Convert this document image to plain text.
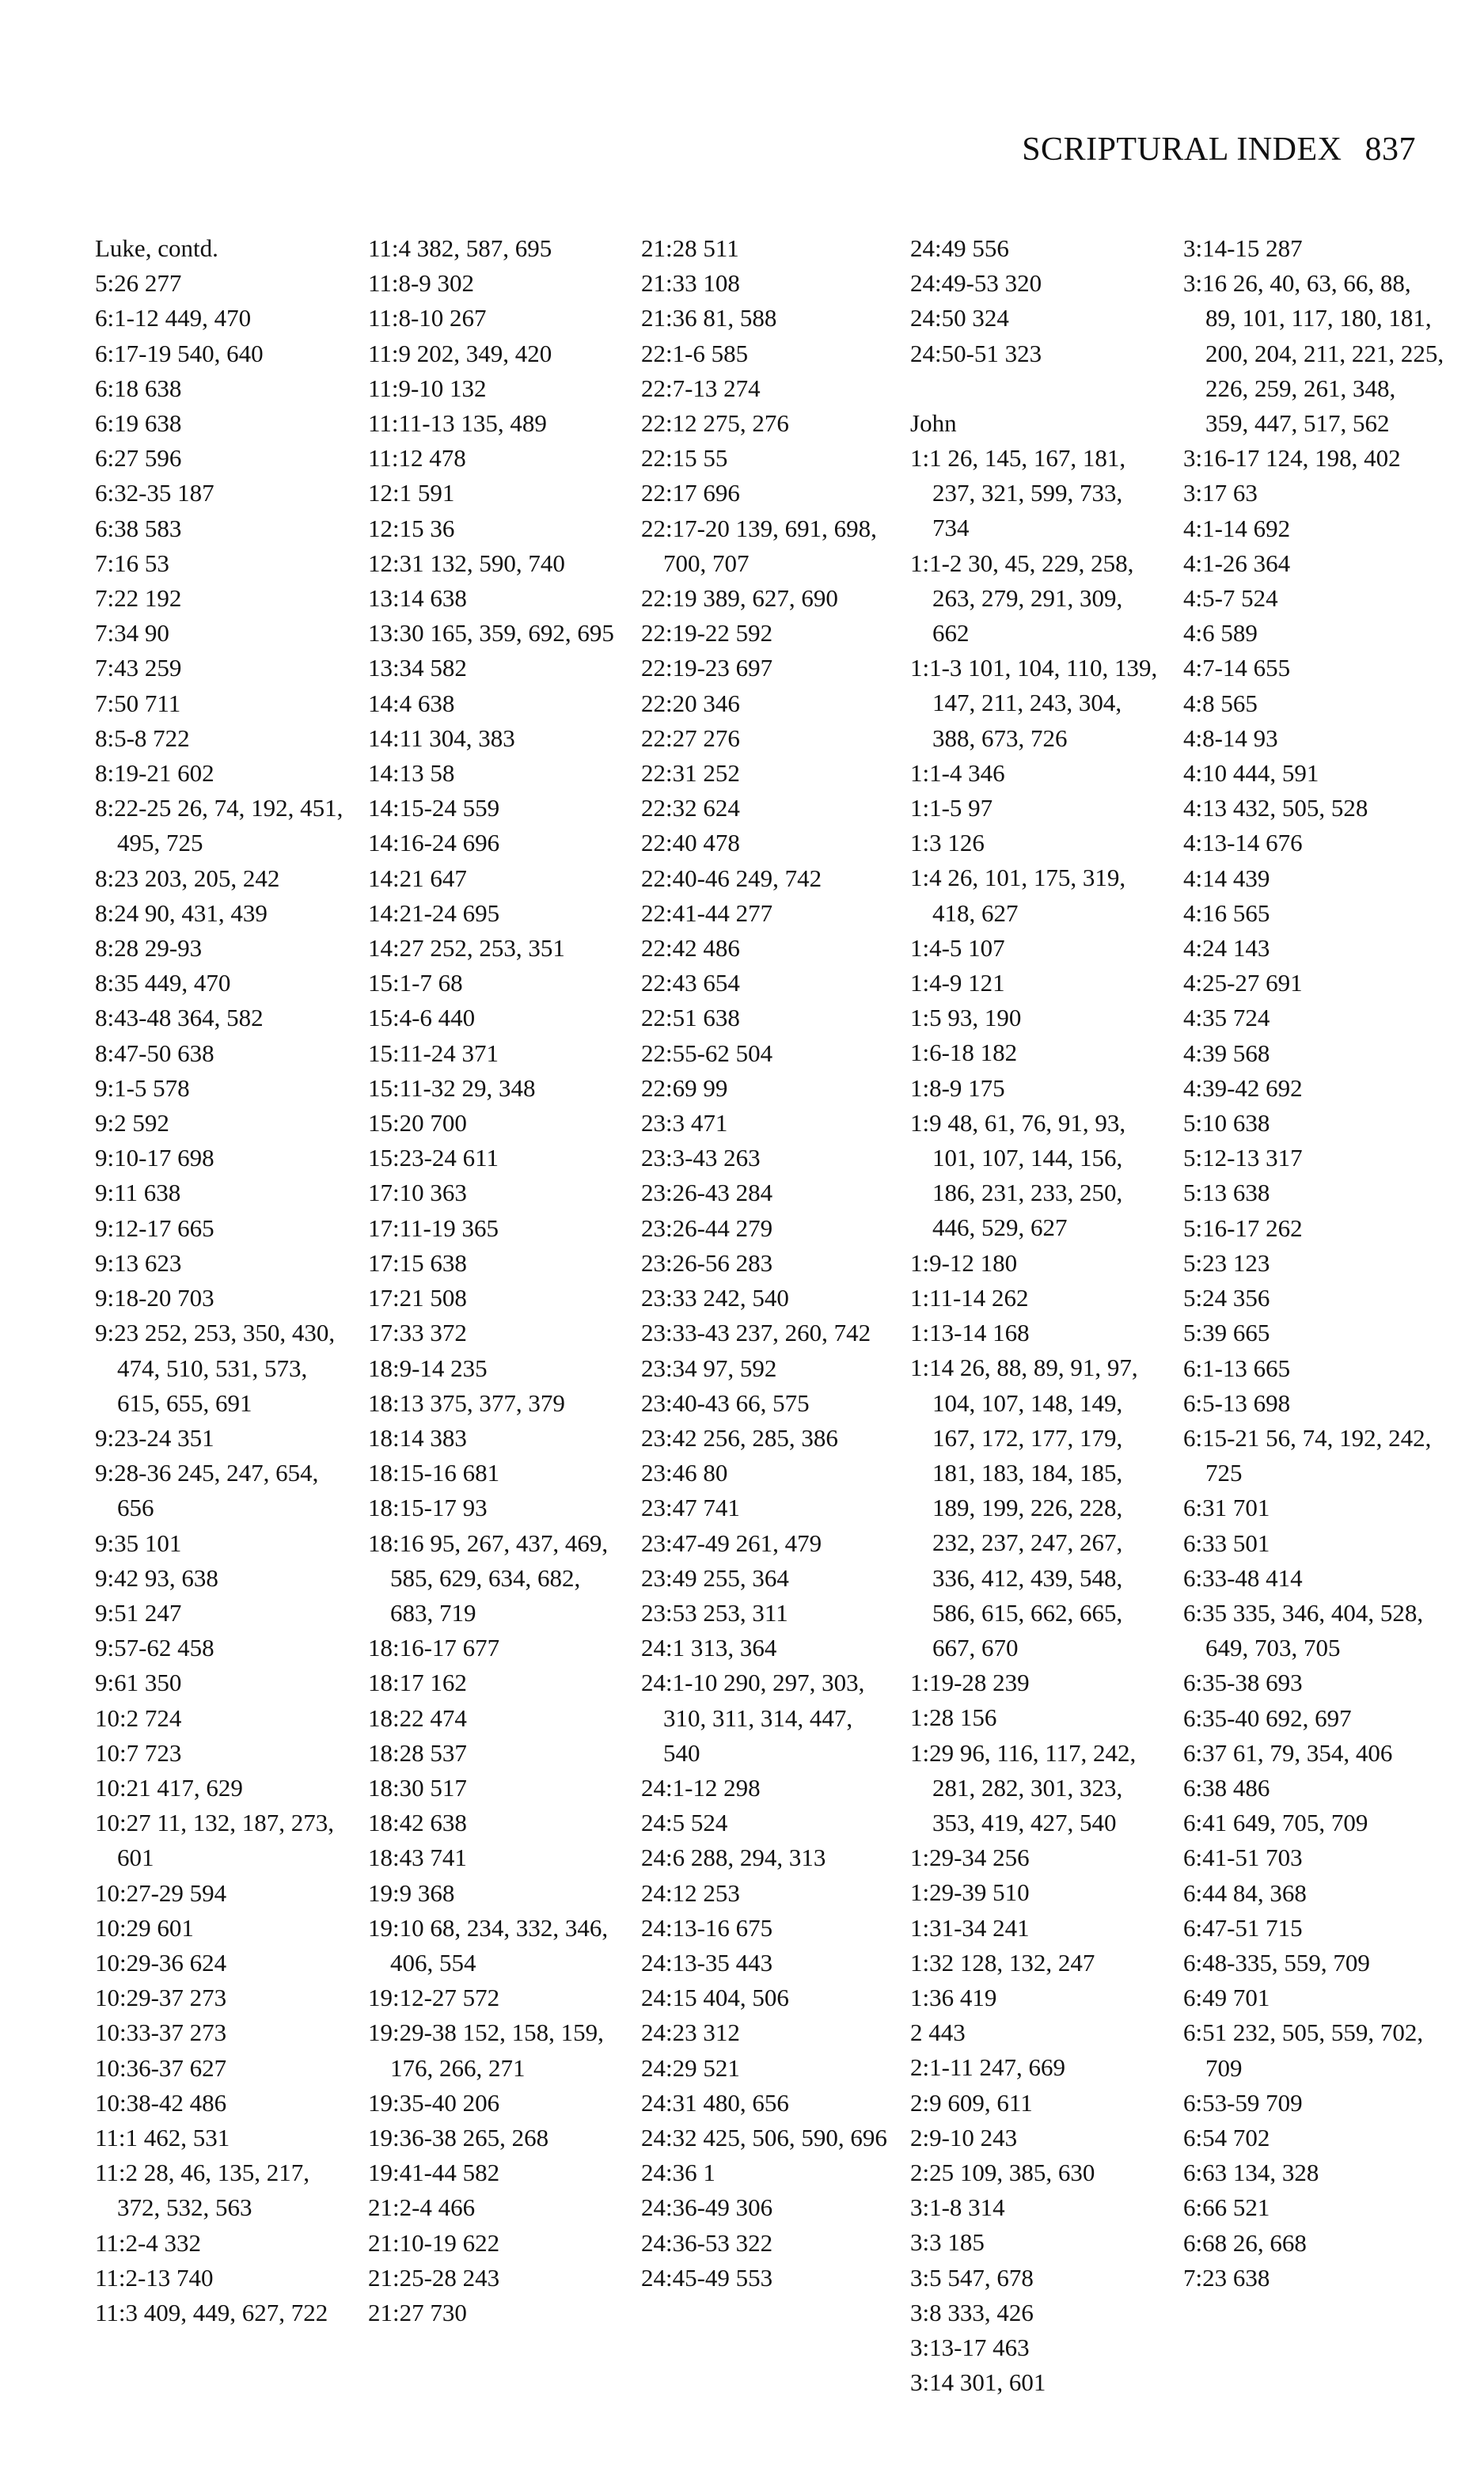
SCRIPTURAL INDEX 837
Luke, contd.
5:26 277
6:1-12 449, 470
6:17-19 540, 640
6:18 638
6:19 638
6:27 596
6:32-35 187
6:38 583
7:16 53
7:22 192
7:34 90
7:43 259
7:50 711
8:5-8 722
8:19-21 602
8:22-25 26, 74, 192, 451, 495, 725
8:23 203, 205, 242
8:24 90, 431, 439
8:28 29-93
8:35 449, 470
8:43-48 364, 582
8:47-50 638
9:1-5 578
9:2 592
9:10-17 698
9:11 638
9:12-17 665
9:13 623
9:18-20 703
9:23 252, 253, 350, 430, 474, 510, 531, 573, 615, 655, 691
9:23-24 351
9:28-36 245, 247, 654, 656
9:35 101
9:42 93, 638
9:51 247
9:57-62 458
9:61 350
10:2 724
10:7 723
10:21 417, 629
10:27 11, 132, 187, 273, 601
10:27-29 594
10:29 601
10:29-36 624
10:29-37 273
10:33-37 273
10:36-37 627
10:38-42 486
11:1 462, 531
11:2 28, 46, 135, 217, 372, 532, 563
11:2-4 332
11:2-13 740
11:3 409, 449, 627, 722
11:4 382, 587, 695
11:8-9 302
11:8-10 267
11:9 202, 349, 420
11:9-10 132
11:11-13 135, 489
11:12 478
12:1 591
12:15 36
12:31 132, 590, 740
13:14 638
13:30 165, 359, 692, 695
13:34 582
14:4 638
14:11 304, 383
14:13 58
14:15-24 559
14:16-24 696
14:21 647
14:21-24 695
14:27 252, 253, 351
15:1-7 68
15:4-6 440
15:11-24 371
15:11-32 29, 348
15:20 700
15:23-24 611
17:10 363
17:11-19 365
17:15 638
17:21 508
17:33 372
18:9-14 235
18:13 375, 377, 379
18:14 383
18:15-16 681
18:15-17 93
18:16 95, 267, 437, 469, 585, 629, 634, 682, 683, 719
18:16-17 677
18:17 162
18:22 474
18:28 537
18:30 517
18:42 638
18:43 741
19:9 368
19:10 68, 234, 332, 346, 406, 554
19:12-27 572
19:29-38 152, 158, 159, 176, 266, 271
19:35-40 206
19:36-38 265, 268
19:41-44 582
21:2-4 466
21:10-19 622
21:25-28 243
21:27 730
21:28 511
21:33 108
21:36 81, 588
22:1-6 585
22:7-13 274
22:12 275, 276
22:15 55
22:17 696
22:17-20 139, 691, 698, 700, 707
22:19 389, 627, 690
22:19-22 592
22:19-23 697
22:20 346
22:27 276
22:31 252
22:32 624
22:40 478
22:40-46 249, 742
22:41-44 277
22:42 486
22:43 654
22:51 638
22:55-62 504
22:69 99
23:3 471
23:3-43 263
23:26-43 284
23:26-44 279
23:26-56 283
23:33 242, 540
23:33-43 237, 260, 742
23:34 97, 592
23:40-43 66, 575
23:42 256, 285, 386
23:46 80
23:47 741
23:47-49 261, 479
23:49 255, 364
23:53 253, 311
24:1 313, 364
24:1-10 290, 297, 303, 310, 311, 314, 447, 540
24:1-12 298
24:5 524
24:6 288, 294, 313
24:12 253
24:13-16 675
24:13-35 443
24:15 404, 506
24:23 312
24:29 521
24:31 480, 656
24:32 425, 506, 590, 696
24:36 1
24:36-49 306
24:36-53 322
24:45-49 553
24:49 556
24:49-53 320
24:50 324
24:50-51 323
John
1:1 26, 145, 167, 181, 237, 321, 599, 733, 734
1:1-2 30, 45, 229, 258, 263, 279, 291, 309, 662
1:1-3 101, 104, 110, 139, 147, 211, 243, 304, 388, 673, 726
1:1-4 346
1:1-5 97
1:3 126
1:4 26, 101, 175, 319, 418, 627
1:4-5 107
1:4-9 121
1:5 93, 190
1:6-18 182
1:8-9 175
1:9 48, 61, 76, 91, 93, 101, 107, 144, 156, 186, 231, 233, 250, 446, 529, 627
1:9-12 180
1:11-14 262
1:13-14 168
1:14 26, 88, 89, 91, 97, 104, 107, 148, 149, 167, 172, 177, 179, 181, 183, 184, 185, 189, 199, 226, 228, 232, 237, 247, 267, 336, 412, 439, 548, 586, 615, 662, 665, 667, 670
1:19-28 239
1:28 156
1:29 96, 116, 117, 242, 281, 282, 301, 323, 353, 419, 427, 540
1:29-34 256
1:29-39 510
1:31-34 241
1:32 128, 132, 247
1:36 419
2 443
2:1-11 247, 669
2:9 609, 611
2:9-10 243
2:25 109, 385, 630
3:1-8 314
3:3 185
3:5 547, 678
3:8 333, 426
3:13-17 463
3:14 301, 601
3:14-15 287
3:16 26, 40, 63, 66, 88, 89, 101, 117, 180, 181, 200, 204, 211, 221, 225, 226, 259, 261, 348, 359, 447, 517, 562
3:16-17 124, 198, 402
3:17 63
4:1-14 692
4:1-26 364
4:5-7 524
4:6 589
4:7-14 655
4:8 565
4:8-14 93
4:10 444, 591
4:13 432, 505, 528
4:13-14 676
4:14 439
4:16 565
4:24 143
4:25-27 691
4:35 724
4:39 568
4:39-42 692
5:10 638
5:12-13 317
5:13 638
5:16-17 262
5:23 123
5:24 356
5:39 665
6:1-13 665
6:5-13 698
6:15-21 56, 74, 192, 242, 725
6:31 701
6:33 501
6:33-48 414
6:35 335, 346, 404, 528, 649, 703, 705
6:35-38 693
6:35-40 692, 697
6:37 61, 79, 354, 406
6:38 486
6:41 649, 705, 709
6:41-51 703
6:44 84, 368
6:47-51 715
6:48-335, 559, 709
6:49 701
6:51 232, 505, 559, 702, 709
6:53-59 709
6:54 702
6:63 134, 328
6:66 521
6:68 26, 668
7:23 638
